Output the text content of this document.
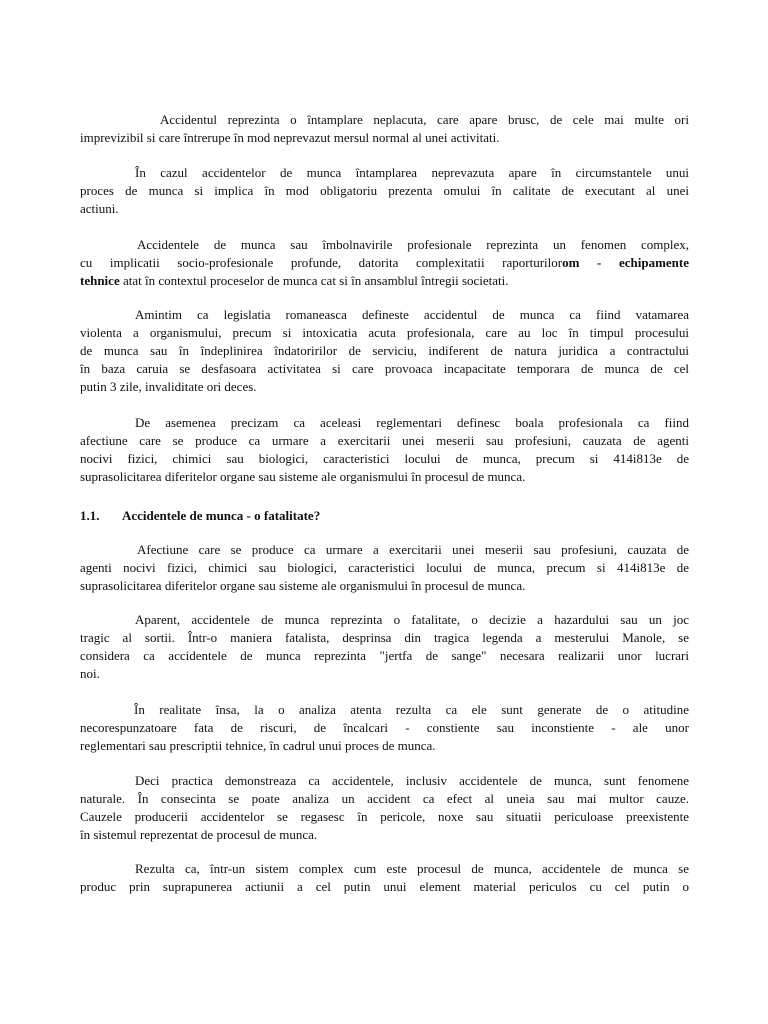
Accidentul reprezinta o întamplare neplacuta, care apare brusc, de cele mai multe ori
imprevizibil si care întrerupe în mod neprevazut mersul normal al unei activitati.
În cazul accidentelor de munca întamplarea neprevazuta apare în circumstantele unui
proces de munca si implica în mod obligatoriu prezenta omului în calitate de executant al unei
actiuni.
Accidentele de munca sau îmbolnavirile profesionale reprezinta un fenomen complex,
cu implicatii socio-profesionale profunde, datorita complexitatii raporturilorom - echipamente
tehnice atat în contextul proceselor de munca cat si în ansamblul întregii societati.
Amintim ca legislatia romaneasca defineste accidentul de munca ca fiind vatamarea
violenta a organismului, precum si intoxicatia acuta profesionala, care au loc în timpul procesului
de munca sau în îndeplinirea îndatoririlor de serviciu, indiferent de natura juridica a contractului
în baza caruia se desfasoara activitatea si care provoaca incapacitate temporara de munca de cel
putin 3 zile, invaliditate ori deces.
De asemenea precizam ca aceleasi reglementari definesc boala profesionala ca fiind
afectiune care se produce ca urmare a exercitarii unei meserii sau profesiuni, cauzata de agenti
nocivi fizici, chimici sau biologici, caracteristici locului de munca, precum si 414i813e de
suprasolicitarea diferitelor organe sau sisteme ale organismului în procesul de munca.
1.1. Accidentele de munca - o fatalitate?
Afectiune care se produce ca urmare a exercitarii unei meserii sau profesiuni, cauzata de
agenti nocivi fizici, chimici sau biologici, caracteristici locului de munca, precum si 414i813e de
suprasolicitarea diferitelor organe sau sisteme ale organismului în procesul de munca.
Aparent, accidentele de munca reprezinta o fatalitate, o decizie a hazardului sau un joc
tragic al sortii. Într-o maniera fatalista, desprinsa din tragica legenda a mesterului Manole, se
considera ca accidentele de munca reprezinta "jertfa de sange" necesara realizarii unor lucrari
noi.
În realitate însa, la o analiza atenta rezulta ca ele sunt generate de o atitudine
necorespunzatoare fata de riscuri, de încalcari - constiente sau inconstiente - ale unor
reglementari sau prescriptii tehnice, în cadrul unui proces de munca.
Deci practica demonstreaza ca accidentele, inclusiv accidentele de munca, sunt fenomene
naturale. În consecinta se poate analiza un accident ca efect al uneia sau mai multor cauze.
Cauzele producerii accidentelor se regasesc în pericole, noxe sau situatii periculoase preexistente
în sistemul reprezentat de procesul de munca.
Rezulta ca, într-un sistem complex cum este procesul de munca, accidentele de munca se
produc prin suprapunerea actiunii a cel putin unui element material periculos cu cel putin o
